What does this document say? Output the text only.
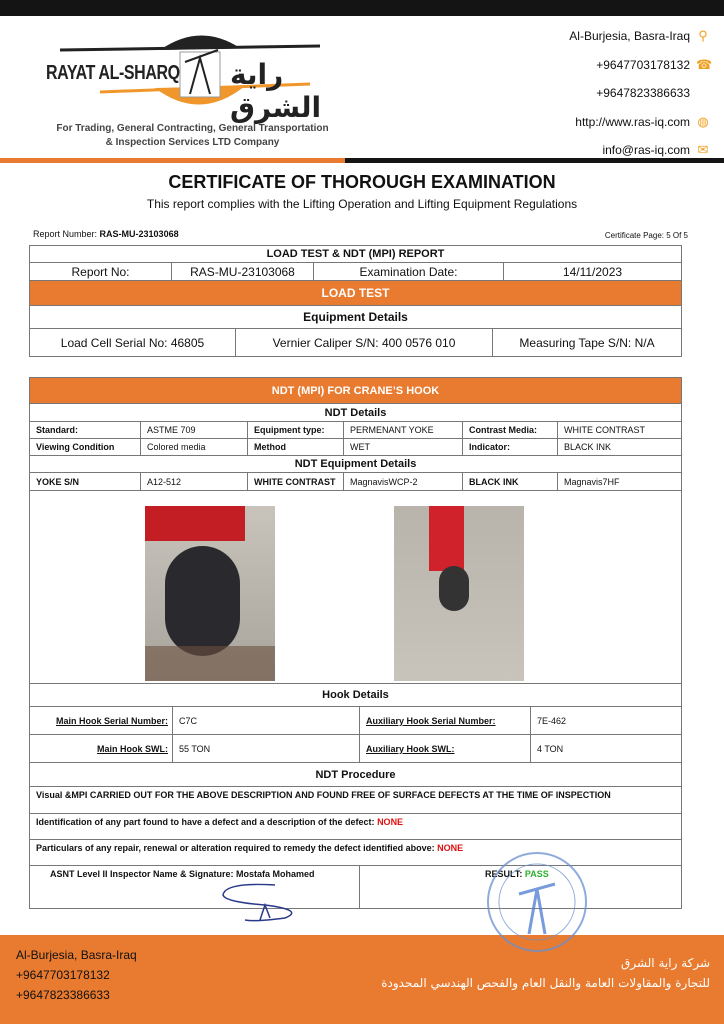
RAYAT AL-SHARQ راية الشرق
For Trading, General Contracting, General Transportation
& Inspection Services LTD Company
Al-Burjesia, Basra-Iraq ⚲
+9647703178132 ☎
+9647823386633
http://www.ras-iq.com ◍
info@ras-iq.com ✉
CERTIFICATE OF THOROUGH EXAMINATION
This report complies with the Lifting Operation and Lifting Equipment Regulations
Report Number: RAS-MU-23103068	Certificate Page: 5 Of 5
LOAD TEST & NDT (MPI) REPORT
Report No:	RAS-MU-23103068	Examination Date:	14/11/2023
LOAD TEST
Equipment Details
Load Cell Serial No: 46805	Vernier Caliper S/N: 400 0576 010	Measuring Tape S/N: N/A
NDT (MPI) FOR CRANE’S HOOK					
NDT Details					
Standard:	ASTME 709	Equipment type:	PERMENANT YOKE	Contrast Media:	WHITE CONTRAST
Viewing Condition	Colored media	Method	WET	Indicator:	BLACK INK
NDT Equipment Details					
YOKE S/N	A12-512	WHITE CONTRAST	MagnavisWCP-2	BLACK INK	Magnavis7HF

Hook Details			
Main Hook Serial Number:	C7C	Auxiliary Hook Serial Number:	7E-462
Main Hook SWL:	55 TON	Auxiliary Hook SWL:	4 TON
NDT Procedure			
Visual &MPI CARRIED OUT FOR THE ABOVE DESCRIPTION AND FOUND FREE OF SURFACE DEFECTS AT THE TIME OF INSPECTION			
Identification of any part found to have a defect and a description of the defect: NONE			
Particulars of any repair, renewal or alteration required to remedy the defect identified above: NONE			
ASNT Level II Inspector Name & Signature: Mostafa Mohamed		RESULT: PASS	
Al-Burjesia, Basra-Iraq
+9647703178132
+9647823386633
شركة راية الشرق
للتجارة والمقاولات العامة والنقل العام والفحص الهندسي المحدودة
